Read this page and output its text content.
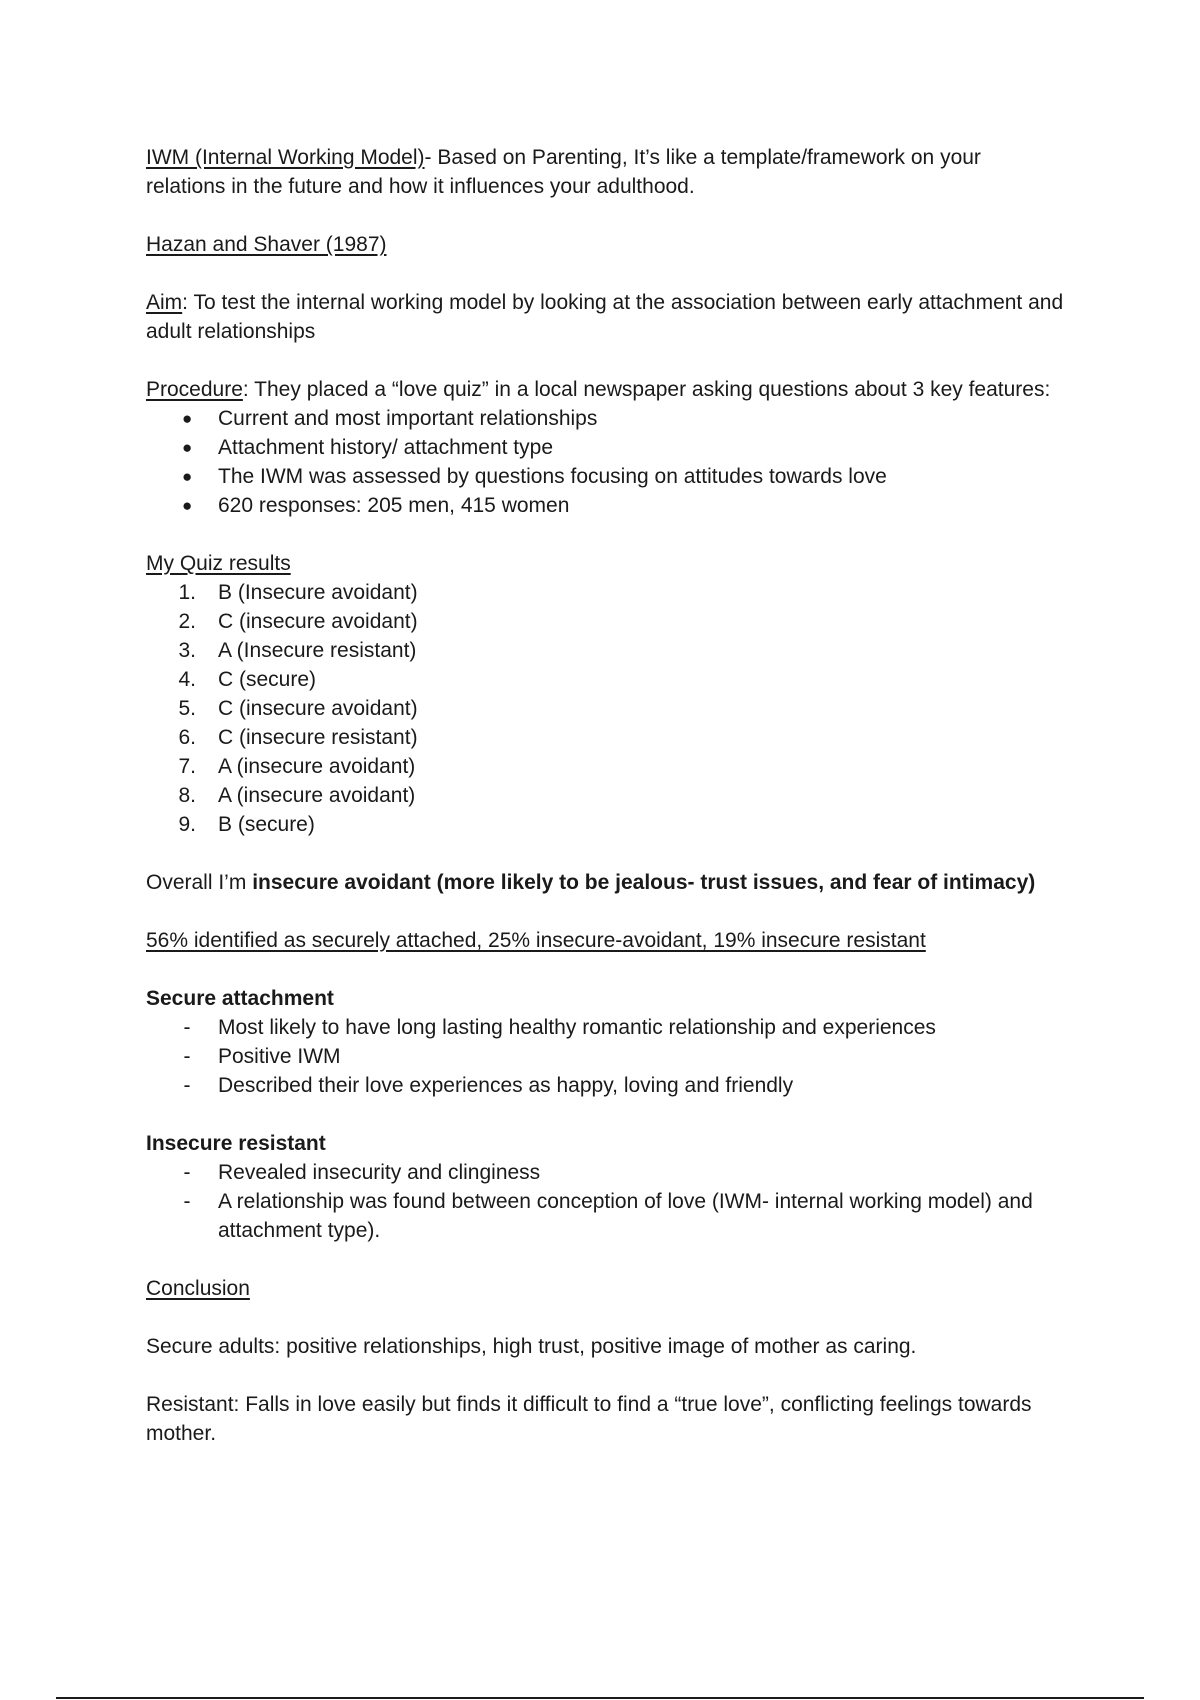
IWM (Internal Working Model)- Based on Parenting, It’s like a template/framework on your relations in the future and how it influences your adulthood.

Hazan and Shaver (1987)

Aim: To test the internal working model by looking at the association between early attachment and adult relationships

Procedure: They placed a “love quiz” in a local newspaper asking questions about 3 key features:

● Current and most important relationships
● Attachment history/ attachment type
● The IWM was assessed by questions focusing on attitudes towards love
● 620 responses: 205 men, 415 women

My Quiz results

1. B (Insecure avoidant)
2. C (insecure avoidant)
3. A (Insecure resistant)
4. C (secure)
5. C (insecure avoidant)
6. C (insecure resistant)
7. A (insecure avoidant)
8. A (insecure avoidant)
9. B (secure)

Overall I’m insecure avoidant (more likely to be jealous- trust issues, and fear of intimacy)

56% identified as securely attached, 25% insecure-avoidant, 19% insecure resistant

Secure attachment

- Most likely to have long lasting healthy romantic relationship and experiences
- Positive IWM
- Described their love experiences as happy, loving and friendly

Insecure resistant

- Revealed insecurity and clinginess
- A relationship was found between conception of love (IWM- internal working model) and attachment type).

Conclusion

Secure adults: positive relationships, high trust, positive image of mother as caring.

Resistant: Falls in love easily but finds it difficult to find a “true love”, conflicting feelings towards mother.
